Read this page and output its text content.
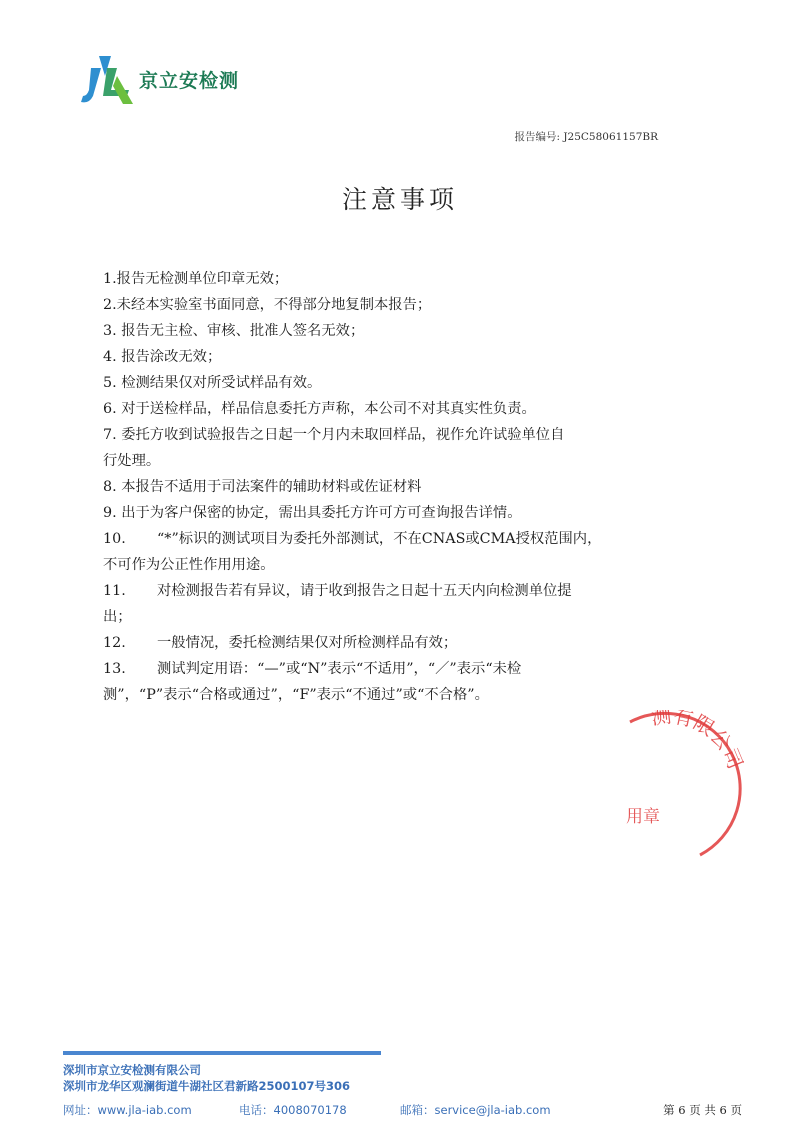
京立安检测
报告编号: J25C58061157BR
注意事项
1.报告无检测单位印章无效；
2.未经本实验室书面同意，不得部分地复制本报告；
3. 报告无主检、审核、批准人签名无效；
4. 报告涂改无效；
5. 检测结果仅对所受试样品有效。
6. 对于送检样品，样品信息委托方声称，本公司不对其真实性负责。
7. 委托方收到试验报告之日起一个月内未取回样品，视作允许试验单位自
行处理。
8. 本报告不适用于司法案件的辅助材料或佐证材料
9. 出于为客户保密的协定，需出具委托方许可方可查询报告详情。
10. “*”标识的测试项目为委托外部测试，不在CNAS或CMA授权范围内，
不可作为公正性作用用途。
11. 对检测报告若有异议，请于收到报告之日起十五天内向检测单位提
出；
12. 一般情况，委托检测结果仅对所检测样品有效；
13. 测试判定用语：“—”或“N”表示“不适用”，“／”表示“未检
测”，“P”表示“合格或通过”，“F”表示“不通过”或“不合格”。
测有限公司
用章
深圳市京立安检测有限公司
深圳市龙华区观澜街道牛湖社区君新路2500107号306
网址：www.jla-iab.com	电话：4008070178	邮箱：service@jla-iab.com	第 6 页 共 6 页
